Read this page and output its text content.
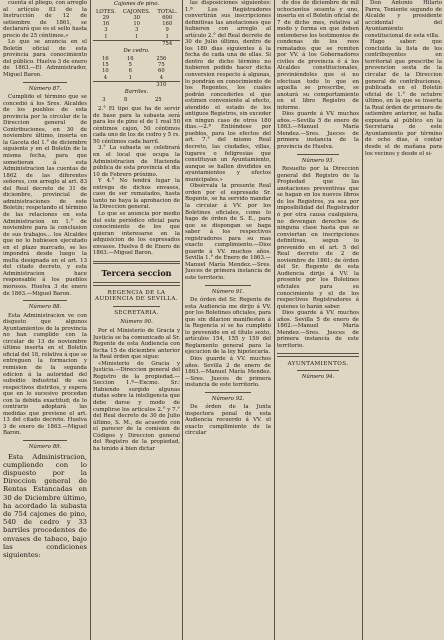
cuenta el pliego, con arreglo al artículo 83 de la Instrucción de 12 de setiembre de 1861, se declarará que es el sello hasta precio de 25 céntimos.»

Lo que se anuncia en el Boletín oficial de esta provincia para conocimiento del público. Huelva 3 de enero de 1863.—El Administrador, Miguel Baron.

Número 87.

Cumplido el término que se concedió á los Sres. Alcaldes de los pueblos de esta provincia por la circular de la Direccion general de Contribuciones, en 30 de noviembre último, inserta en la Gaceta del 1.° de diciembre siguiente y en el Boletín de la misma fecha, para que sometieran á esta Administracion las cuentas de 1862 de las diferentes señores, con arreglo al art. 83 del Real decreto de 31 de diciembre, provincial de administraciones de este Boletín; respetando el término de las relaciones en esta Administracion en 1.° de noviembre para la conclusion de sus trabajos... los Alcaldes que no lo hubiesen ejecutado en el plazo marcado, se les impondrá desde luego la multa designada en el art. 13 del citado decreto, y esta Administracion hace responsable á los pueblos morosos. Huelva 3 de enero de 1863.—Miguel Baron.

Número 88.

Esta Administracion ve con disgusto que algunos Ayuntamientos de la provincia no han cumplido con la circular de 13 de noviembre último inserta en el Boletín oficial del 18, relativa á que se entreguen la formacion y remision de la segunda edicion á la autoridad del subsidio industrial de sus respectivos distritos, y espera que en lo sucesivo procedan con la debida exactitud; de lo contrario adoptará las medidas que previene el art. 13 del citado decreto. Huelva 3 de enero de 1863.—Miguel Baron.

Número 89.

Esta Administracion, cumpliendo con lo dispuesto por la Direccion general de Rentas Estancadas en 30 de Diciembre último, ha acordado la subasta de 754 cajones de pino, 540 de cedro y 33 barriles procedentes de envases de tabaco, bajo las condiciones siguientes:

Cajones de pino.

LOTES.	CAJONES.	TOTAL.
29	30	600
16	10	160
3	3	9
1	1	1
		754

De cedro.

16	16	256
15	5	75
10	6	60
4	1	4
		310

Barriles.

3	8	25

2.° El tipo que ha de servir de base para la subasta será para los de pino el de 1 real 50 céntimos cajon, 50 céntimos cada uno de los de cedro y 5 rs. 50 céntimos cada barril.

3.° La subasta se celebrará en el local que ocupa la Administracion de Hacienda pública de esta provincia el dia 10 de Febrero próximo.

Y 4.° No tendrá lugar la entrega de dichos envases, caso de ser rematados, hasta tanto no haya la aprobacion de la Direccion general.

Lo que se anuncia por medio del este periódico oficial para conocimiento de los que quieran interesarse en la adquisicion de los espresados envases. Huelva 8 de Enero de 1863.—Miguel Baron.

Tercera seccion

REGENCIA DE LA AUDIENCIA DE SEVILLA.

SECRETARIA.

Número 90.

Por el Ministerio de Gracia y Justicia se ha comunicado al Sr. Regente de esta Audiencia con fecha 15 de diciembre anterior la Real órden que sigue:

«Ministerio de Gracia y Justicia.—Direccion general del Registro de la propiedad.—Seccion 1.ª—Excmo. Sr.: Habiendo surgido algunas dudas sobre la inteligencia que debe darse y modo de cumplirse los artículos 2.° y 7.° del Real decreto de 30 de Julio último, S. M., de acuerdo con el parecer de la comision de Códigos y Direccion general del Registro de la propiedad, ha tenido á bien dictar

las disposiciones siguientes: 1.ª Los Registradores convertirán sus inscripciones definitivas las anotaciones que hubieren con arreglo al artículo 2.° del Real decreto de 30 de Julio último, dentro de los 180 dias siguientes á la fecha de cada una de ellas. Si dentro de dicho término no hubieren podido hacer dicha conversion respecto á algunas, lo pondrán en conocimiento de los Regentes, los cuales podrán concederles el que estimen conveniente al efecto, atendido el estado de los antiguos Registros, sin exceder en ningun caso de otros 180 dias.—2.ª Entiéndese por pueblos, para los efectos del art. 7.° del mismo Real decreto, las ciudades, villas, lugares o feligresias que constituyan un Ayuntamiento, aunque se hallen divididos en ayuntamientos y efectos municipales.»

Obsérvala la presente Real orden por el espresado Sr. Regente, se ha servido mandar la circular á VV. por los Boletines oficiales, como lo hago de órden de S. E., para que se dispongan se haga saber á los respectivos registradores para su mas exacto cumplimiento.—Dios guarde á VV. muchos años. Sevilla 1.° de Enero de 1863.—Manuel María Mendez.—Sres. Jueces de primera instancia de este territorio.

Número 91.

De órden del Sr. Regente de esta Audiencia me dirijo á VV. por los Boletines oficiales, para que sin dilacion manifiesten á la Regencia si se ha cumplido lo prevenido en el título sexto, artículos 154, 155 y 159 del Reglamento general para la ejecucion de la ley hipotecaria.

Dios guarde á VV. muchos años. Sevilla 2 de enero de 1863.—Manuel María Mendez.—Sres. Jueces de primera instancia de este territorio.

Número 92.

De órden de la Junta inspectora penal de esta Audiencia recuerdo á VV. el exacto cumplimiento de la circular

de dos de diciembre de mil ochocientos sesenta y uno, inserta en el Boletín oficial de 7 de dicho mes, relativa al modo y forma en que deben entenderse los testimonios de condenas de los reos rematados que se remiten por VV. á los Gobernadores civiles de provincia ó á los Alcaldes constitucionales, previniéndoles que si no efectuan todo lo que en aquella se prescribe, se anotará su comportamiento en el libro Registro de informe.

Dios guarde á VV. muchos años.—Sevilla 5 de enero de 1863.—Manuel María Mendez.—Sres. Jueces de primera instancia de la provincia de Huelva.

Número 93.

Resuelto por la Direccion general del Registro de la Propiedad que las anotaciones preventivas que se hagan en los nuevos libros de los Registros, ya sea por imposibilidad del Registrador ó por otra causa cualquiera, no devengan derechos de ninguna clase hasta que se conviertan en inscripciones definitivas, segun lo prevenido en el art. 5 del Real decreto de 2 de noviembre de 1861; de órden del Sr. Regente de esta Audiencia dirijo á VV. la presente por los Boletines oficiales para su conocimiento y el de los respectivos Registradores á quienes lo harán saber.

Dios guarde á VV. muchos años. Sevilla 5 de enero de 1862.—Manuel María Mendez.—Sres. Jueces de primera instancia de este territorio.

AYUNTAMIENTOS.

Número 94.

Don Antonio Hilario Parra, Teniente segundo de Alcalde y presidente accidental del Ayuntamiento constitucional de esta villa.

Hago saber: que concluida la lista de los contribuyentes en territorial que prescribe la prevencion sexta de la circular de la Direccion general de contribuciones, publicada en el Boletín oficial de 1.° de octubre último, en la que se inserta la Real órden de primero de setiembre anterior, se halla expuesta al público en la Secretaría de este Ayuntamiento por término de ocho dias, á contar desde el de mañana para los vecinos y desde el si-
